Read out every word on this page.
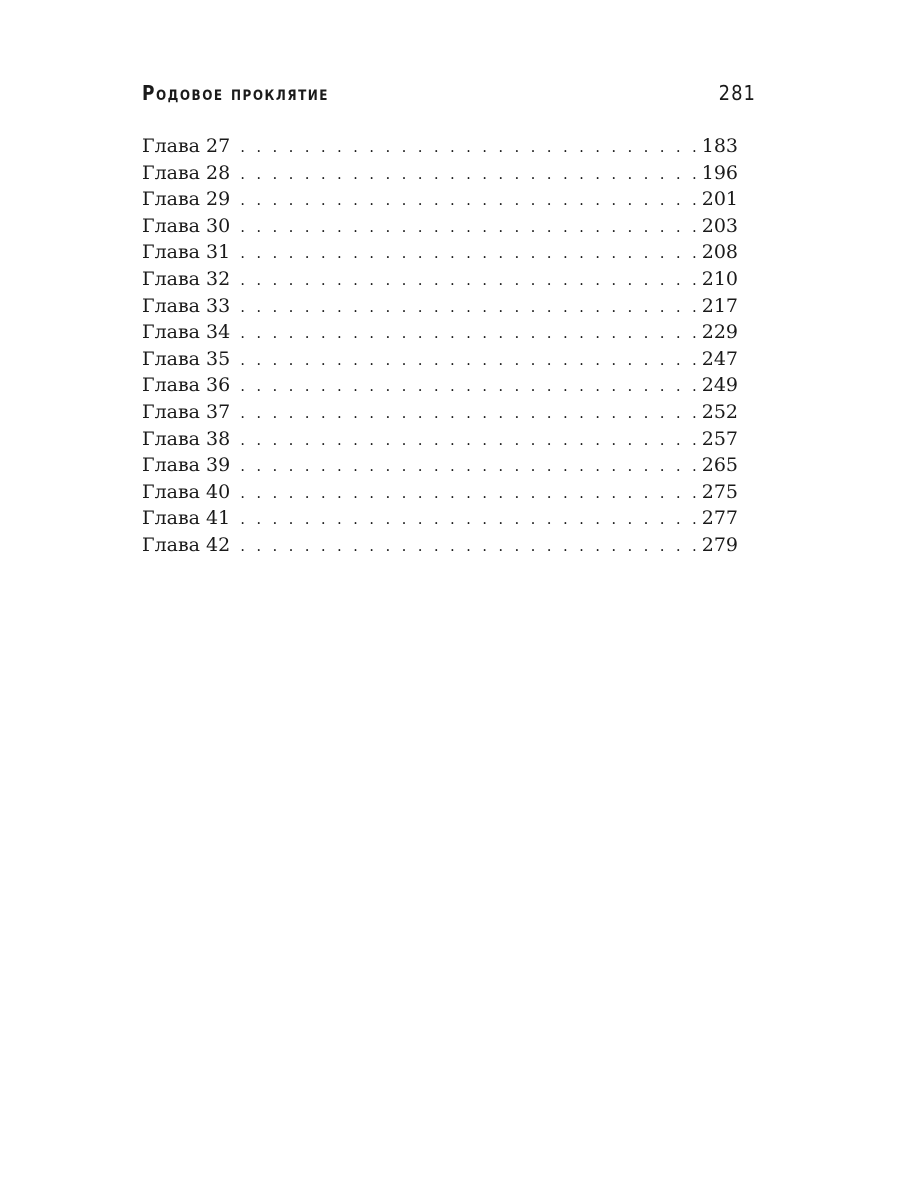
Родовое проклятие	281
Глава 27 . . .	183
Глава 28 . . .	196
Глава 29 . . .	201
Глава 30 . . .	203
Глава 31 . . .	208
Глава 32 . . .	210
Глава 33 . . .	217
Глава 34 . . .	229
Глава 35 . . .	247
Глава 36 . . .	249
Глава 37 . . .	252
Глава 38 . . .	257
Глава 39 . . .	265
Глава 40 . . .	275
Глава 41 . . .	277
Глава 42 . . .	279
